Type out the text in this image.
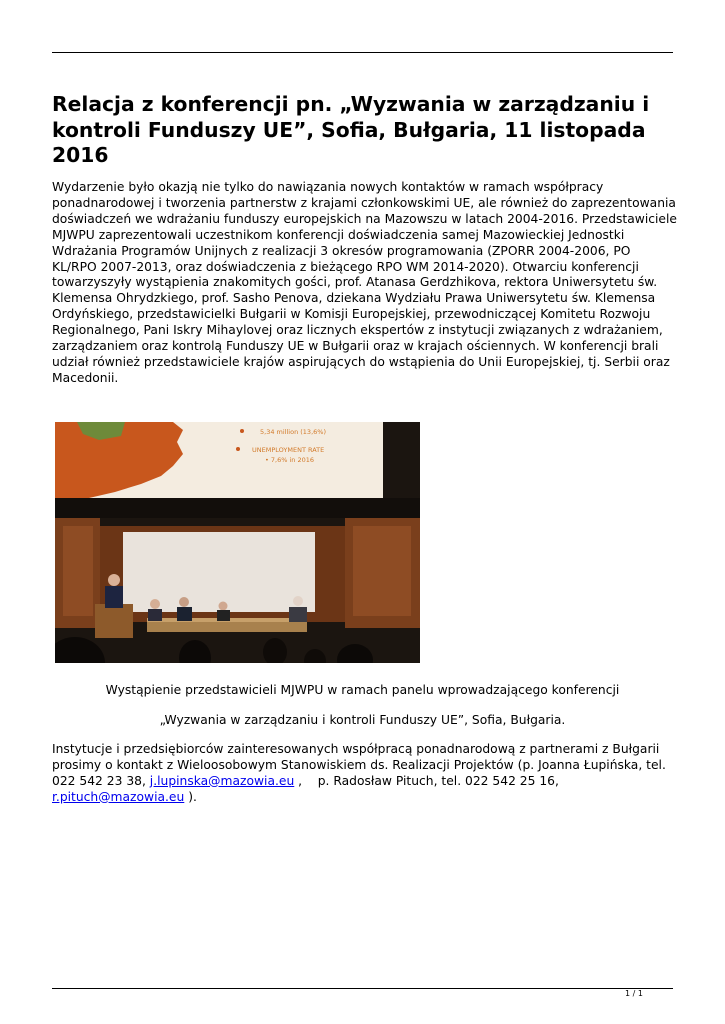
Relacja z konferencji pn. „Wyzwania w zarządzaniu i kontroli Funduszy UE”, Sofia, Bułgaria, 11 listopada 2016

Wydarzenie było okazją nie tylko do nawiązania nowych kontaktów w ramach współpracy
ponadnarodowej i tworzenia partnerstw z krajami członkowskimi UE, ale również do zaprezentowania
doświadczeń we wdrażaniu funduszy europejskich na Mazowszu w latach 2004-2016. Przedstawiciele
MJWPU zaprezentowali uczestnikom konferencji doświadczenia samej Mazowieckiej Jednostki
Wdrażania Programów Unijnych z realizacji 3 okresów programowania (ZPORR 2004-2006, PO
KL/RPO 2007-2013, oraz doświadczenia z bieżącego RPO WM 2014-2020). Otwarciu konferencji
towarzyszyły wystąpienia znakomitych gości, prof. Atanasa Gerdzhikova, rektora Uniwersytetu św.
Klemensa Ohrydzkiego, prof. Sasho Penova, dziekana Wydziału Prawa Uniwersytetu św. Klemensa
Ordyńskiego, przedstawicielki Bułgarii w Komisji Europejskiej, przewodniczącej Komitetu Rozwoju
Regionalnego, Pani Iskry Mihaylovej oraz licznych ekspertów z instytucji związanych z wdrażaniem,
zarządzaniem oraz kontrolą Funduszy UE w Bułgarii oraz w krajach ościennych. W konferencji brali
udział również przedstawiciele krajów aspirujących do wstąpienia do Unii Europejskiej, tj. Serbii oraz
Macedonii.

5,34 million (13,6%)
UNEMPLOYMENT RATE
• 7,6% in 2016

Wystąpienie przedstawicieli MJWPU w ramach panelu wprowadzającego konferencji

„Wyzwania w zarządzaniu i kontroli Funduszy UE”, Sofia, Bułgaria.

Instytucje i przedsiębiorców zainteresowanych współpracą ponadnarodową z partnerami z Bułgarii
prosimy o kontakt z Wieloosobowym Stanowiskiem ds. Realizacji Projektów (p. Joanna Łupińska, tel.
022 542 23 38, j.lupinska@mazowia.eu ,    p. Radosław Pituch, tel. 022 542 25 16,
r.pituch@mazowia.eu ).

1 / 1
